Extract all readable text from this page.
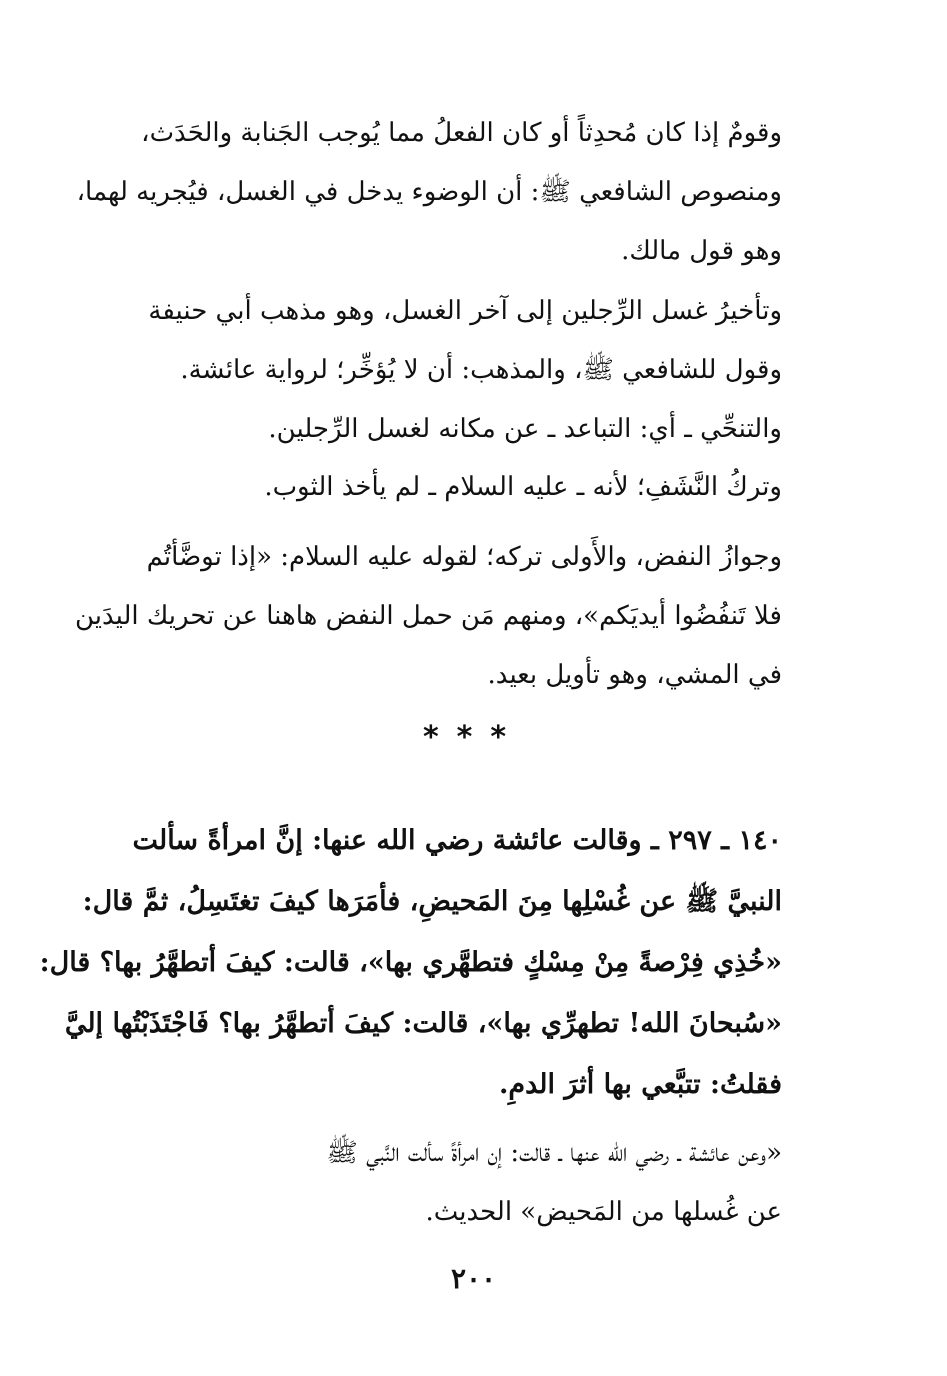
وقومٌ إذا كان مُحدِثاً أو كان الفعلُ مما يُوجب الجَنابة والحَدَث،
ومنصوص الشافعي ﷺ: أن الوضوء يدخل في الغسل، فيُجريه لهما،
وهو قول مالك.

وتأخيرُ غسل الرِّجلين إلى آخر الغسل، وهو مذهب أبي حنيفة
وقول للشافعي ﷺ، والمذهب: أن لا يُؤخِّر؛ لرواية عائشة.

والتنحِّي ـ أي: التباعد ـ عن مكانه لغسل الرِّجلين.

وتركُ النَّشَفِ؛ لأنه ـ عليه السلام ـ لم يأخذ الثوب.

وجوازُ النفض، والأَولى تركه؛ لقوله عليه السلام: «إذا توضَّأتُم
فلا تَنفُضُوا أيديَكم»، ومنهم مَن حمل النفض هاهنا عن تحريك اليدَين
في المشي، وهو تأويل بعيد.

***

١٤٠ ـ ٢٩٧ ـ وقالت عائشة رضي الله عنها: إنَّ امرأةً سألت
النبيَّ ﷺ عن غُسْلِها مِنَ المَحيضِ، فأمَرَها كيفَ تغتَسِلُ، ثمَّ قال:
«خُذِي فِرْصةً مِنْ مِسْكٍ فتطهَّري بها»، قالت: كيفَ أتطهَّرُ بها؟ قال:
«سُبحانَ الله! تطهرِّي بها»، قالت: كيفَ أتطهَّرُ بها؟ فَاجْتَذَبْتُها إليَّ
فقلتُ: تتبَّعي بها أثرَ الدمِ.

«وعن عائشة ـ رضي الله عنها ـ قالت: إن امرأةً سألت النَّبي ﷺ
عن غُسلها من المَحيض» الحديث.

٢٠٠
